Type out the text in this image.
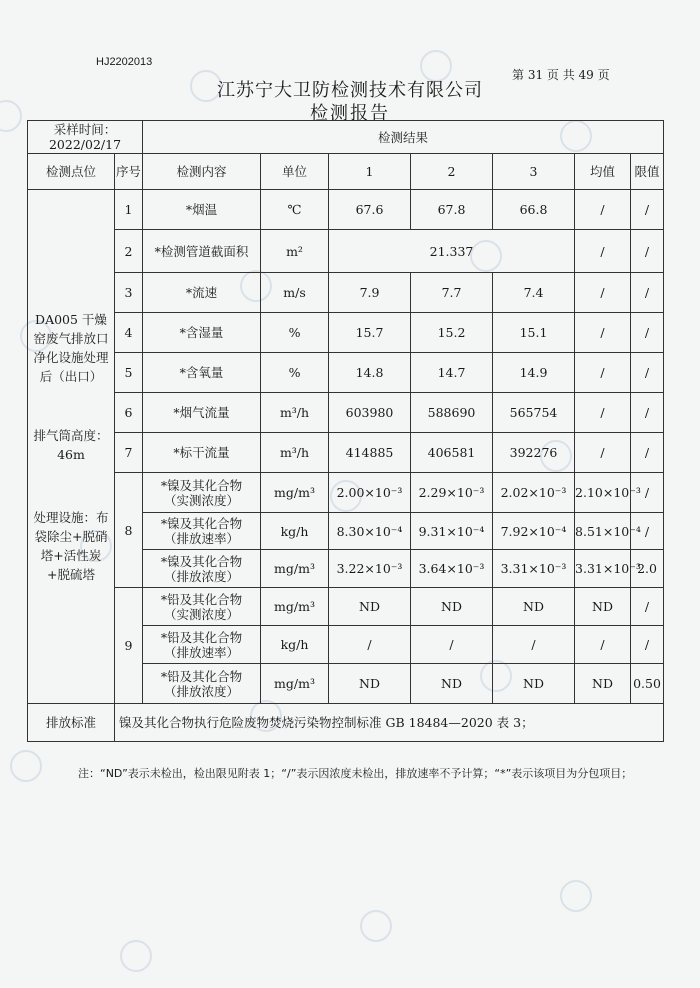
HJ2202013
第 31 页 共 49 页
江苏宁大卫防检测技术有限公司
检测报告
采样时间：
2022/02/17		检测结果						
检测点位	序号	检测内容	单位	1	2	3	均值	限值

DA005 干燥窑废气排放口净化设施处理后（出口）
排气筒高度：46m
处理设施：布袋除尘+脱硝塔+活性炭+脱硫塔	1	*烟温	℃	67.6	67.8	66.8	/	/
	2	*检测管道截面积	m²	21.337			/	/
	3	*流速	m/s	7.9	7.7	7.4	/	/
	4	*含湿量	%	15.7	15.2	15.1	/	/
	5	*含氧量	%	14.8	14.7	14.9	/	/
	6	*烟气流量	m³/h	603980	588690	565754	/	/
	7	*标干流量	m³/h	414885	406581	392276	/	/
	8	*镍及其化合物（实测浓度）	mg/m³	2.00×10⁻³	2.29×10⁻³	2.02×10⁻³	2.10×10⁻³	/
		*镍及其化合物（排放速率）	kg/h	8.30×10⁻⁴	9.31×10⁻⁴	7.92×10⁻⁴	8.51×10⁻⁴	/
		*镍及其化合物（排放浓度）	mg/m³	3.22×10⁻³	3.64×10⁻³	3.31×10⁻³	3.31×10⁻³	2.0
	9	*铅及其化合物（实测浓度）	mg/m³	ND	ND	ND	ND	/
		*铅及其化合物（排放速率）	kg/h	/	/	/	/	/
		*铅及其化合物（排放浓度）	mg/m³	ND	ND	ND	ND	0.50
排放标准	镍及其化合物执行危险废物焚烧污染物控制标准 GB 18484—2020 表 3；							
注：“ND”表示未检出，检出限见附表 1；“/”表示因浓度未检出，排放速率不予计算；“*”表示该项目为分包项目；
